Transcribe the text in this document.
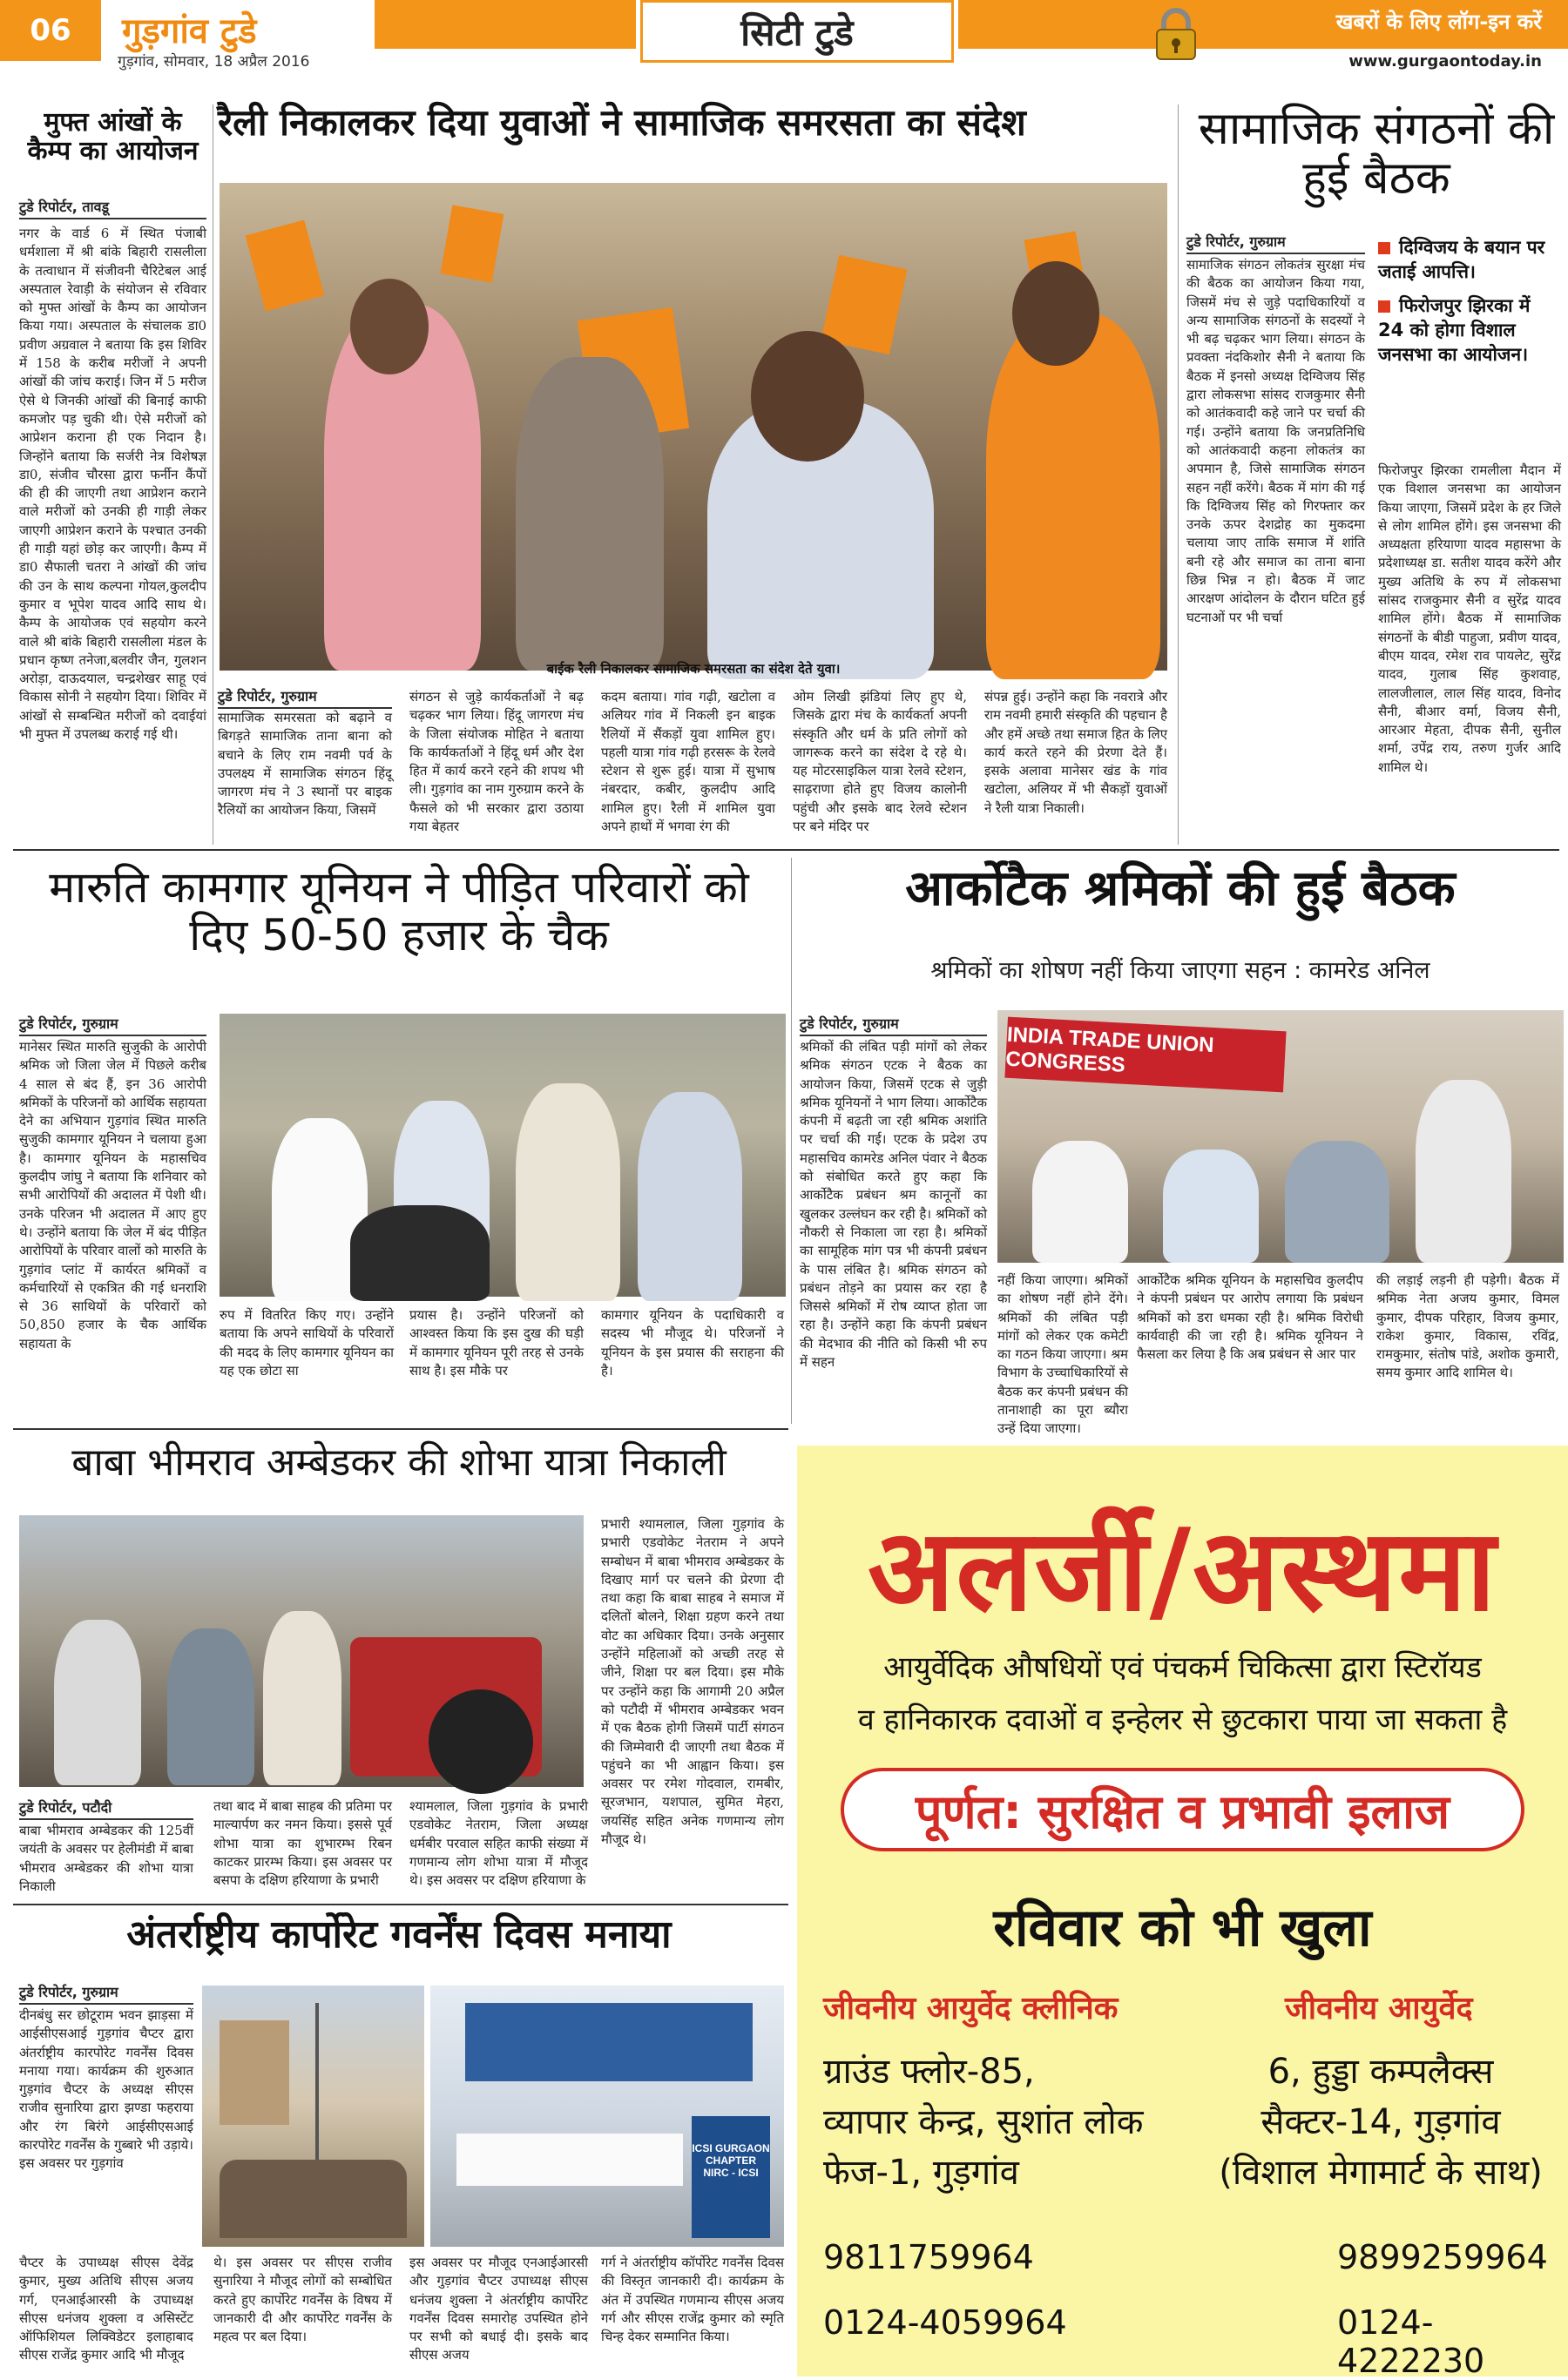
06	गुड़गांव टुडे
गुड़गांव, सोमवार, 18 अप्रैल 2016
सिटी टुडे	खबरों के लिए लॉग-इन करें
www.gurgaontoday.in
मुफ्त आंखों के कैम्प का आयोजन
टुडे रिपोर्टर, तावडू
नगर के वार्ड 6 में स्थित पंजाबी धर्मशाला में श्री बांके बिहारी रासलीला के तत्वाधान में संजीवनी चैरिटेबल आई अस्पताल रेवाड़ी के संयोजन से रविवार को मुफ्त आंखों के कैम्प का आयोजन किया गया। अस्पताल के संचालक डा0 प्रवीण अग्रवाल ने बताया कि इस शिविर में 158 के करीब मरीजों ने अपनी आंखों की जांच कराई। जिन में 5 मरीज ऐसे थे जिनकी आंखों की बिनाई काफी कमजोर पड़ चुकी थी। ऐसे मरीजों को आप्रेशन कराना ही एक निदान है। जिन्होंने बताया कि सर्जरी नेत्र विशेषज्ञ डा0, संजीव चौरसा द्वारा फर्नीन कैंपों की ही की जाएगी तथा आप्रेशन कराने वाले मरीजों को उनकी ही गाड़ी लेकर जाएगी आप्रेशन कराने के पश्चात उनकी ही गाड़ी यहां छोड़ कर जाएगी। कैम्प में डा0 सैफाली चतरा ने आंखों की जांच की उन के साथ कल्पना गोयल,कुलदीप कुमार व भूपेश यादव आदि साथ थे। कैम्प के आयोजक एवं सहयोग करने वाले श्री बांके बिहारी रासलीला मंडल के प्रधान कृष्ण तनेजा,बलवीर जैन, गुलशन अरोड़ा, दाऊदयाल, चन्द्रशेखर साहू एवं विकास सोनी ने सहयोग दिया। शिविर में आंखों से सम्बन्धित मरीजों को दवाईयां भी मुफ्त में उपलब्ध कराई गई थी।
रैली निकालकर दिया युवाओं ने सामाजिक समरसता का संदेश
बाईक रैली निकालकर सामाजिक समरसता का संदेश देते युवा।
टुडे रिपोर्टर, गुरुग्राम
सामाजिक समरसता को बढ़ाने व बिगड़ते सामाजिक ताना बाना को बचाने के लिए राम नवमी पर्व के उपलक्ष्य में सामाजिक संगठन हिंदू जागरण मंच ने 3 स्थानों पर बाइक रैलियों का आयोजन किया, जिसमें
संगठन से जुड़े कार्यकर्ताओं ने बढ़ चढ़कर भाग लिया। हिंदू जागरण मंच के जिला संयोजक मोहित ने बताया कि कार्यकर्ताओं ने हिंदू धर्म और देश हित में कार्य करने रहने की शपथ भी ली। गुड़गांव का नाम गुरुग्राम करने के फैसले को भी सरकार द्वारा उठाया गया बेहतर
कदम बताया। गांव गढ़ी, खटोला व अलियर गांव में निकली इन बाइक रैलियों में सैंकड़ों युवा शामिल हुए। पहली यात्रा गांव गढ़ी हरसरू के रेलवे स्टेशन से शुरू हुई। यात्रा में सुभाष नंबरदार, कबीर, कुलदीप आदि शामिल हुए। रैली में शामिल युवा अपने हाथों में भगवा रंग की
ओम लिखी झंडियां लिए हुए थे, जिसके द्वारा मंच के कार्यकर्ता अपनी संस्कृति और धर्म के प्रति लोगों को जागरूक करने का संदेश दे रहे थे। यह मोटरसाइकिल यात्रा रेलवे स्टेशन, साढ़राणा होते हुए विजय कालोनी पहुंची और इसके बाद रेलवे स्टेशन पर बने मंदिर पर
संपन्न हुई। उन्होंने कहा कि नवरात्रे और राम नवमी हमारी संस्कृति की पहचान है और हमें अच्छे तथा समाज हित के लिए कार्य करते रहने की प्रेरणा देते हैं। इसके अलावा मानेसर खंड के गांव खटोला, अलियर में भी सैकड़ों युवाओं ने रैली यात्रा निकाली।
सामाजिक संगठनों की हुई बैठक
टुडे रिपोर्टर, गुरुग्राम
सामाजिक संगठन लोकतंत्र सुरक्षा मंच की बैठक का आयोजन किया गया, जिसमें मंच से जुड़े पदाधिकारियों व अन्य सामाजिक संगठनों के सदस्यों ने भी बढ़ चढ़कर भाग लिया। संगठन के प्रवक्ता नंदकिशोर सैनी ने बताया कि बैठक में इनसो अध्यक्ष दिग्विजय सिंह द्वारा लोकसभा सांसद राजकुमार सैनी को आतंकवादी कहे जाने पर चर्चा की गई। उन्होंने बताया कि जनप्रतिनिधि को आतंकवादी कहना लोकतंत्र का अपमान है, जिसे सामाजिक संगठन सहन नहीं करेंगे। बैठक में मांग की गई कि दिग्विजय सिंह को गिरफ्तार कर उनके ऊपर देशद्रोह का मुकदमा चलाया जाए ताकि समाज में शांति बनी रहे और समाज का ताना बाना छिन्न भिन्न न हो। बैठक में जाट आरक्षण आंदोलन के दौरान घटित हुई घटनाओं पर भी चर्चा
दिग्विजय के बयान पर जताई आपत्ति।
फिरोजपुर झिरका में 24 को होगा विशाल जनसभा का आयोजन।
फिरोजपुर झिरका रामलीला मैदान में एक विशाल जनसभा का आयोजन किया जाएगा, जिसमें प्रदेश के हर जिले से लोग शामिल होंगे। इस जनसभा की अध्यक्षता हरियाणा यादव महासभा के प्रदेशाध्यक्ष डा. सतीश यादव करेंगे और मुख्य अतिथि के रुप में लोकसभा सांसद राजकुमार सैनी व सुरेंद्र यादव शामिल होंगे। बैठक में सामाजिक संगठनों के बीडी पाहुजा, प्रवीण यादव, बीएम यादव, रमेश राव पायलेट, सुरेंद्र यादव, गुलाब सिंह कुशवाह, लालजीलाल, लाल सिंह यादव, विनोद सैनी, बीआर वर्मा, विजय सैनी, आरआर मेहता, दीपक सैनी, सुनील शर्मा, उपेंद्र राय, तरुण गुर्जर आदि शामिल थे।
मारुति कामगार यूनियन ने पीड़ित परिवारों को दिए 50-50 हजार के चैक
टुडे रिपोर्टर, गुरुग्राम
मानेसर स्थित मारुति सुजुकी के आरोपी श्रमिक जो जिला जेल में पिछले करीब 4 साल से बंद हैं, इन 36 आरोपी श्रमिकों के परिजनों को आर्थिक सहायता देने का अभियान गुड़गांव स्थित मारुति सुजुकी कामगार यूनियन ने चलाया हुआ है। कामगार यूनियन के महासचिव कुलदीप जांघु ने बताया कि शनिवार को सभी आरोपियों की अदालत में पेशी थी। उनके परिजन भी अदालत में आए हुए थे। उन्होंने बताया कि जेल में बंद पीड़ित आरोपियों के परिवार वालों को मारुति के गुड़गांव प्लांट में कार्यरत श्रमिकों व कर्मचारियों से एकत्रित की गई धनराशि से 36 साथियों के परिवारों को 50,850 हजार के चैक आर्थिक सहायता के
रुप में वितरित किए गए। उन्होंने बताया कि अपने साथियों के परिवारों की मदद के लिए कामगार यूनियन का यह एक छोटा सा
प्रयास है। उन्होंने परिजनों को आश्वस्त किया कि इस दुख की घड़ी में कामगार यूनियन पूरी तरह से उनके साथ है। इस मौके पर
कामगार यूनियन के पदाधिकारी व सदस्य भी मौजूद थे। परिजनों ने यूनियन के इस प्रयास की सराहना की है।
आर्कोटैक श्रमिकों की हुई बैठक
श्रमिकों का शोषण नहीं किया जाएगा सहन : कामरेड अनिल
टुडे रिपोर्टर, गुरुग्राम
श्रमिकों की लंबित पड़ी मांगों को लेकर श्रमिक संगठन एटक ने बैठक का आयोजन किया, जिसमें एटक से जुड़ी श्रमिक यूनियनों ने भाग लिया। आर्कोटैक कंपनी में बढ़ती जा रही श्रमिक अशांति पर चर्चा की गई। एटक के प्रदेश उप महासचिव कामरेड अनिल पंवार ने बैठक को संबोधित करते हुए कहा कि आर्कोटैक प्रबंधन श्रम कानूनों का खुलकर उल्लंघन कर रही है। श्रमिकों को नौकरी से निकाला जा रहा है। श्रमिकों का सामूहिक मांग पत्र भी कंपनी प्रबंधन के पास लंबित है। श्रमिक संगठन को प्रबंधन तोड़ने का प्रयास कर रहा है जिससे श्रमिकों में रोष व्याप्त होता जा रहा है। उन्होंने कहा कि कंपनी प्रबंधन की मेदभाव की नीति को किसी भी रुप में सहन
INDIA TRADE UNION CONGRESS
नहीं किया जाएगा। श्रमिकों का शोषण नहीं होने देंगे। श्रमिकों की लंबित पड़ी मांगों को लेकर एक कमेटी का गठन किया जाएगा। श्रम विभाग के उच्चाधिकारियों से बैठक कर कंपनी प्रबंधन की तानाशाही का पूरा ब्यौरा उन्हें दिया जाएगा।
आर्कोटैक श्रमिक यूनियन के महासचिव कुलदीप ने कंपनी प्रबंधन पर आरोप लगाया कि प्रबंधन श्रमिकों को डरा धमका रही है। श्रमिक विरोधी कार्यवाही की जा रही है। श्रमिक यूनियन ने फैसला कर लिया है कि अब प्रबंधन से आर पार
की लड़ाई लड़नी ही पड़ेगी। बैठक में श्रमिक नेता अजय कुमार, विमल कुमार, दीपक परिहार, विजय कुमार, राकेश कुमार, विकास, रविंद्र, रामकुमार, संतोष पांडे, अशोक कुमारी, समय कुमार आदि शामिल थे।
बाबा भीमराव अम्बेडकर की शोभा यात्रा निकाली
प्रभारी श्यामलाल, जिला गुड़गांव के प्रभारी एडवोकेट नेतराम ने अपने सम्बोधन में बाबा भीमराव अम्बेडकर के दिखाए मार्ग पर चलने की प्रेरणा दी तथा कहा कि बाबा साहब ने समाज में दलितों बोलने, शिक्षा ग्रहण करने तथा वोट का अधिकार दिया। उनके अनुसार उन्होंने महिलाओं को अच्छी तरह से जीने, शिक्षा पर बल दिया। इस मौके पर उन्होंने कहा कि आगामी 20 अप्रैल को पटौदी में भीमराव अम्बेडकर भवन में एक बैठक होगी जिसमें पार्टी संगठन की जिम्मेवारी दी जाएगी तथा बैठक में पहुंचने का भी आह्वान किया। इस अवसर पर रमेश गोदवाल, रामबीर, सूरजभान, यशपाल, सुमित मेहरा, जयसिंह सहित अनेक गणमान्य लोग मौजूद थे।
टुडे रिपोर्टर, पटौदी
बाबा भीमराव अम्बेडकर की 125वीं जयंती के अवसर पर हेलीमंडी में बाबा भीमराव अम्बेडकर की शोभा यात्रा निकाली
तथा बाद में बाबा साहब की प्रतिमा पर माल्यार्पण कर नमन किया। इससे पूर्व शोभा यात्रा का शुभारम्भ रिबन काटकर प्रारम्भ किया। इस अवसर पर बसपा के दक्षिण हरियाणा के प्रभारी
श्यामलाल, जिला गुड़गांव के प्रभारी एडवोकेट नेतराम, जिला अध्यक्ष धर्मबीर परवाल सहित काफी संख्या में गणमान्य लोग शोभा यात्रा में मौजूद थे। इस अवसर पर दक्षिण हरियाणा के
अंतर्राष्ट्रीय कार्पोरेट गवर्नेंस दिवस मनाया
टुडे रिपोर्टर, गुरुग्राम
दीनबंधु सर छोटूराम भवन झाड़सा में आईसीएसआई गुड़गांव चैप्टर द्वारा अंतर्राष्ट्रीय कारपोरेट गवर्नेंस दिवस मनाया गया। कार्यक्रम की शुरुआत गुड़गांव चैप्टर के अध्यक्ष सीएस राजीव सुनारिया द्वारा झण्डा फहराया और रंग बिरंगे आईसीएसआई कारपोरेट गवर्नेंस के गुब्बारे भी उड़ाये। इस अवसर पर गुड़गांव
ICSI GURGAON CHAPTER NIRC - ICSI
चैप्टर के उपाध्यक्ष सीएस देवेंद्र कुमार, मुख्य अतिथि सीएस अजय गर्ग, एनआईआरसी के उपाध्यक्ष सीएस धनंजय शुक्ला व असिस्टेंट ऑफिशियल लिक्विडेटर इलाहाबाद सीएस राजेंद्र कुमार आदि भी मौजूद
थे। इस अवसर पर सीएस राजीव सुनारिया ने मौजूद लोगों को सम्बोधित करते हुए कार्पोरेट गवर्नेंस के विषय में जानकारी दी और कार्पोरेट गवर्नेंस के महत्व पर बल दिया।
इस अवसर पर मौजूद एनआईआरसी और गुड़गांव चैप्टर उपाध्यक्ष सीएस धनंजय शुक्ला ने अंतर्राष्ट्रीय कार्पोरेट गवर्नेंस दिवस समारोह उपस्थित होने पर सभी को बधाई दी। इसके बाद सीएस अजय
गर्ग ने अंतर्राष्ट्रीय कॉर्पोरेट गवर्नेंस दिवस की विस्तृत जानकारी दी। कार्यक्रम के अंत में उपस्थित गणमान्य सीएस अजय गर्ग और सीएस राजेंद्र कुमार को स्मृति चिन्ह देकर सम्मानित किया।
अलर्जी/अस्थमा
आयुर्वेदिक औषधियों एवं पंचकर्म चिकित्सा द्वारा स्टिरॉयड
व हानिकारक दवाओं व इन्हेलर से छुटकारा पाया जा सकता है
पूर्णत: सुरक्षित व प्रभावी इलाज
रविवार को भी खुला
जीवनीय आयुर्वेद क्लीनिक	जीवनीय आयुर्वेद
ग्राउंड फ्लोर-85,
व्यापार केन्द्र, सुशांत लोक
फेज-1, गुड़गांव
6, हुड्डा कम्पलैक्स
सैक्टर-14, गुड़गांव
(विशाल मेगामार्ट के साथ)
9811759964
0124-4059964
9899259964
0124-4222230
